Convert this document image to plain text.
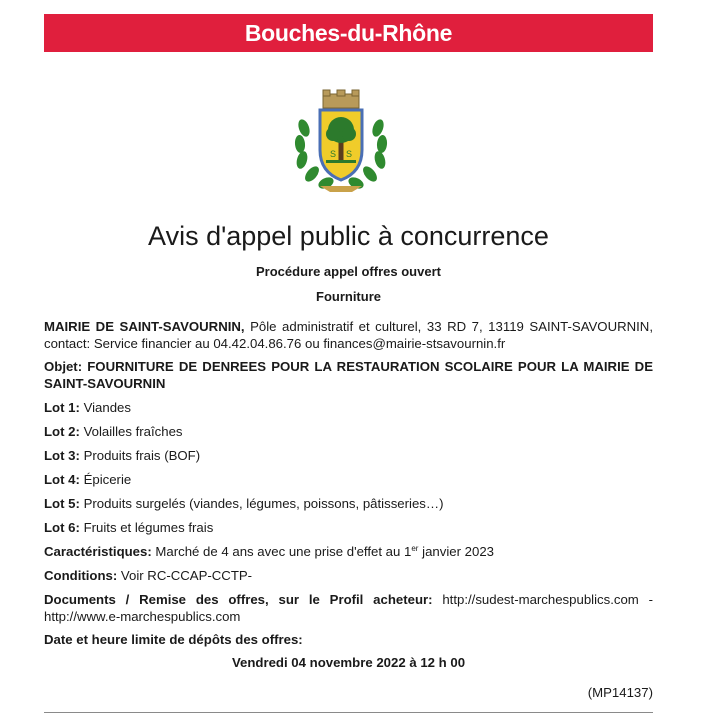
Bouches-du-Rhône
S S
Avis d'appel public à concurrence
Procédure appel offres ouvert
Fourniture

MAIRIE DE SAINT-SAVOURNIN, Pôle administratif et culturel, 33 RD 7, 13119 SAINT-SAVOURNIN, contact: Service financier au 04.42.04.86.76 ou finances@mairie-stsavournin.fr

Objet: FOURNITURE DE DENREES POUR LA RESTAURATION SCOLAIRE POUR LA MAIRIE DE SAINT-SAVOURNIN

Lot 1: Viandes

Lot 2: Volailles fraîches

Lot 3: Produits frais (BOF)

Lot 4: Épicerie

Lot 5: Produits surgelés (viandes, légumes, poissons, pâtisseries…)

Lot 6: Fruits et légumes frais

Caractéristiques: Marché de 4 ans avec une prise d'effet au 1er janvier 2023

Conditions: Voir RC-CCAP-CCTP-

Documents / Remise des offres, sur le Profil acheteur: http://sudest-marchespublics.com - http://www.e-marchespublics.com

Date et heure limite de dépôts des offres:

Vendredi 04 novembre 2022 à 12 h 00

(MP14137)
